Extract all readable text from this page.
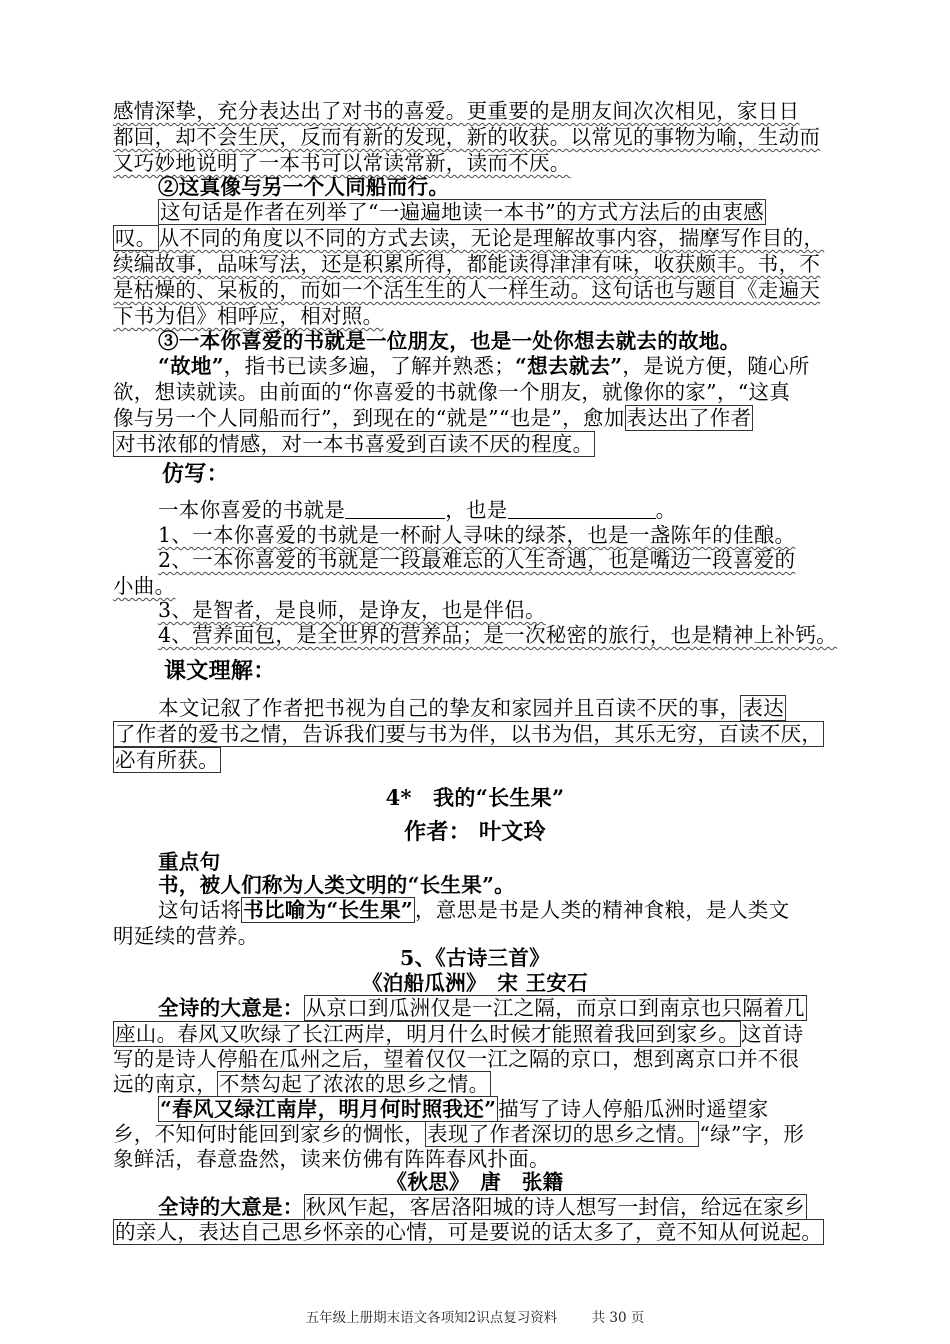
感情深挚，充分表达出了对书的喜爱。更重要的是朋友间次次相见，家日日
都回，却不会生厌，反而有新的发现，新的收获。以常见的事物为喻，生动而
又巧妙地说明了一本书可以常读常新，读而不厌。
②这真像与另一个人同船而行。
这句话是作者在列举了“一遍遍地读一本书”的方式方法后的由衷感
叹。从不同的角度以不同的方式去读，无论是理解故事内容，揣摩写作目的，
续编故事，品味写法，还是积累所得，都能读得津津有味，收获颇丰。书，不
是枯燥的、呆板的，而如一个活生生的人一样生动。这句话也与题目《走遍天
下书为侣》相呼应，相对照。
③一本你喜爱的书就是一位朋友，也是一处你想去就去的故地。
“故地”，指书已读多遍，了解并熟悉；“想去就去”，是说方便，随心所
欲，想读就读。由前面的“你喜爱的书就像一个朋友，就像你的家”，“这真
像与另一个人同船而行”，到现在的“就是”“也是”，愈加表达出了作者
对书浓郁的情感，对一本书喜爱到百读不厌的程度。
仿写：
一本你喜爱的书就是	，也是	。
1、一本你喜爱的书就是一杯耐人寻味的绿茶，也是一盏陈年的佳酿。
2、一本你喜爱的书就是一段最难忘的人生奇遇，也是嘴边一段喜爱的
小曲。
3、是智者，是良师，是诤友，也是伴侣。
4、营养面包，是全世界的营养品；是一次秘密的旅行，也是精神上补钙。
课文理解：
本文记叙了作者把书视为自己的挚友和家园并且百读不厌的事，表达
了作者的爱书之情，告诉我们要与书为伴，以书为侣，其乐无穷，百读不厌，
必有所获。
4*　我的“长生果”
作者： 叶文玲
重点句
书，被人们称为人类文明的“长生果”。
这句话将书比喻为“长生果”，意思是书是人类的精神食粮，是人类文
明延续的营养。
5、《古诗三首》
《泊船瓜洲》　宋 王安石
全诗的大意是：从京口到瓜洲仅是一江之隔，而京口到南京也只隔着几
座山。春风又吹绿了长江两岸，明月什么时候才能照着我回到家乡。这首诗
写的是诗人停船在瓜州之后，望着仅仅一江之隔的京口，想到离京口并不很
远的南京，不禁勾起了浓浓的思乡之情。
“春风又绿江南岸，明月何时照我还”描写了诗人停船瓜洲时遥望家
乡，不知何时能回到家乡的惆怅，表现了作者深切的思乡之情。“绿”字，形
象鲜活，春意盎然，读来仿佛有阵阵春风扑面。
《秋思》　唐　张籍
全诗的大意是：秋风乍起，客居洛阳城的诗人想写一封信，给远在家乡
的亲人，表达自己思乡怀亲的心情，可是要说的话太多了，竟不知从何说起。
五年级上册期末语文各项知2识点复习资料	共 30 页
